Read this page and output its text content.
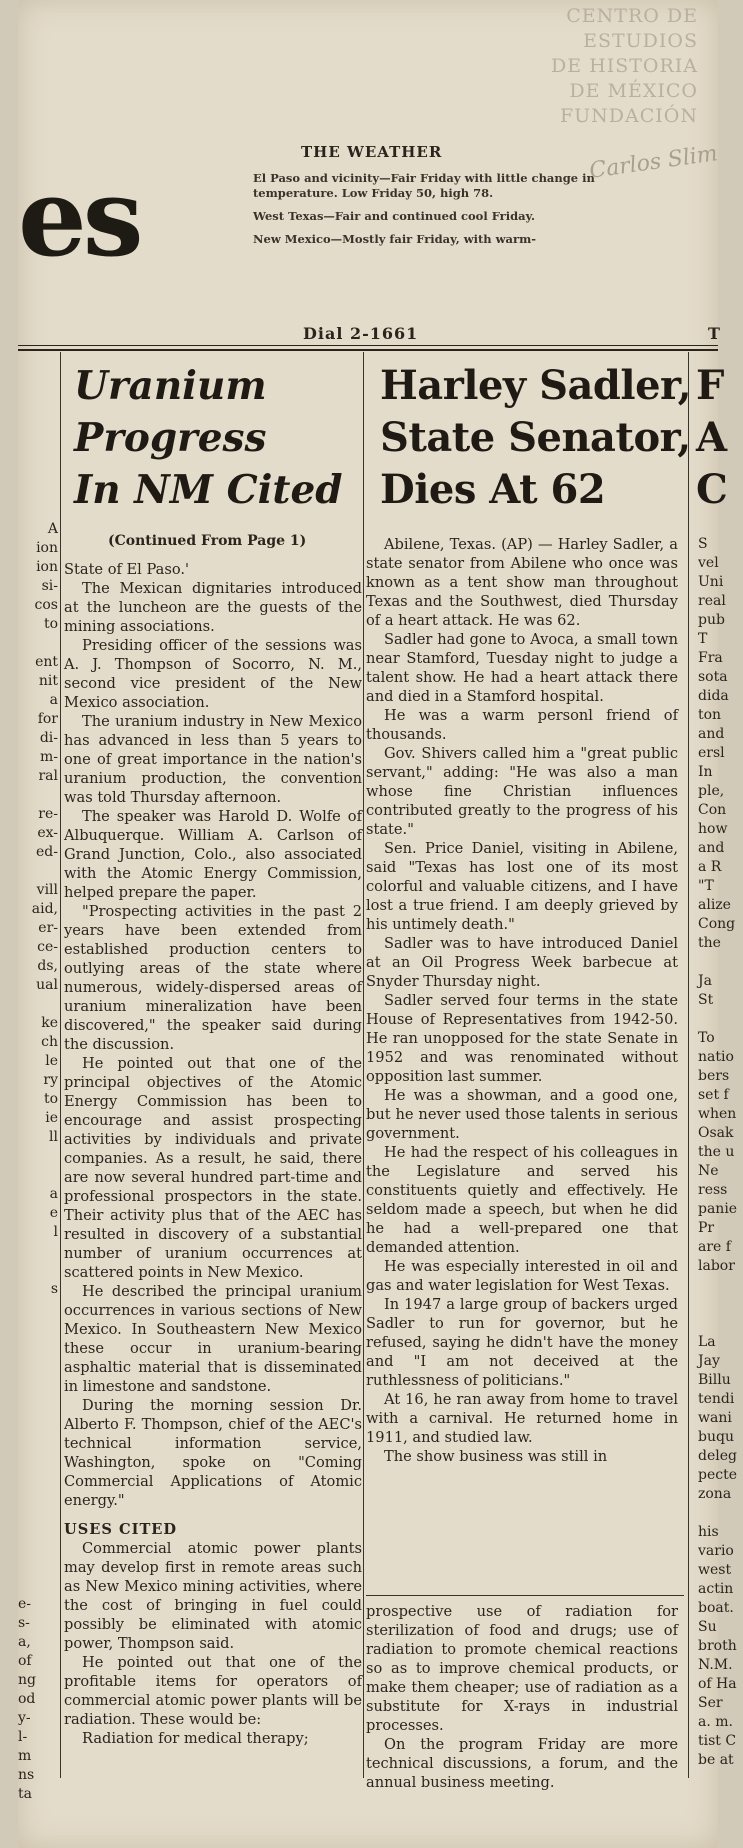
CENTRO DE
ESTUDIOS
DE HISTORIA
DE MÉXICO
FUNDACIÓN
Carlos Slim
es
THE WEATHER

El Paso and vicinity—Fair Friday with little change in temperature. Low Friday 50, high 78.

West Texas—Fair and continued cool Friday.

New Mexico—Mostly fair Friday, with warm-

Dial 2-1661	T
A
ion
ion
si-
cos
to
ent
nit
a
for
di-
m-
ral
re-
ex-
ed-
vill
aid,
er-
ce-
ds,
ual
ke
ch
le
ry
to
ie
ll
a
e
l
s
e-
s-
a,
of
ng
od
y-
l-
m
ns
ta
Uranium
Progress
In NM Cited
(Continued From Page 1)

State of El Paso.'

The Mexican dignitaries introduced at the luncheon are the guests of the mining associations.

Presiding officer of the sessions was A. J. Thompson of Socorro, N. M., second vice president of the New Mexico association.

The uranium industry in New Mexico has advanced in less than 5 years to one of great importance in the nation's uranium production, the convention was told Thursday afternoon.

The speaker was Harold D. Wolfe of Albuquerque. William A. Carlson of Grand Junction, Colo., also associated with the Atomic Energy Commission, helped prepare the paper.

"Prospecting activities in the past 2 years have been extended from established production centers to outlying areas of the state where numerous, widely-dispersed areas of uranium mineralization have been discovered," the speaker said during the discussion.

He pointed out that one of the principal objectives of the Atomic Energy Commission has been to encourage and assist prospecting activities by individuals and private companies. As a result, he said, there are now several hundred part-time and professional prospectors in the state. Their activity plus that of the AEC has resulted in discovery of a substantial number of uranium occurrences at scattered points in New Mexico.

He described the principal uranium occurrences in various sections of New Mexico. In Southeastern New Mexico these occur in uranium-bearing asphaltic material that is disseminated in limestone and sandstone.

During the morning session Dr. Alberto F. Thompson, chief of the AEC's technical information service, Washington, spoke on "Coming Commercial Applications of Atomic energy."

USES CITED

Commercial atomic power plants may develop first in remote areas such as New Mexico mining activities, where the cost of bringing in fuel could possibly be eliminated with atomic power, Thompson said.

He pointed out that one of the profitable items for operators of commercial atomic power plants will be radiation. These would be:

Radiation for medical therapy;

Harley Sadler,
State Senator,
Dies At 62

Abilene, Texas. (AP) — Harley Sadler, a state senator from Abilene who once was known as a tent show man throughout Texas and the Southwest, died Thursday of a heart attack. He was 62.

Sadler had gone to Avoca, a small town near Stamford, Tuesday night to judge a talent show. He had a heart attack there and died in a Stamford hospital.

He was a warm personl friend of thousands.

Gov. Shivers called him a "great public servant," adding: "He was also a man whose fine Christian influences contributed greatly to the progress of his state."

Sen. Price Daniel, visiting in Abilene, said "Texas has lost one of its most colorful and valuable citizens, and I have lost a true friend. I am deeply grieved by his untimely death."

Sadler was to have introduced Daniel at an Oil Progress Week barbecue at Snyder Thursday night.

Sadler served four terms in the state House of Representatives from 1942-50. He ran unopposed for the state Senate in 1952 and was renominated without opposition last summer.

He was a showman, and a good one, but he never used those talents in serious government.

He had the respect of his colleagues in the Legislature and served his constituents quietly and effectively. He seldom made a speech, but when he did he had a well-prepared one that demanded attention.

He was especially interested in oil and gas and water legislation for West Texas.

In 1947 a large group of backers urged Sadler to run for governor, but he refused, saying he didn't have the money and "I am not deceived at the ruthlessness of politicians."

At 16, he ran away from home to travel with a carnival. He returned home in 1911, and studied law.

The show business was still in

prospective use of radiation for sterilization of food and drugs; use of radiation to promote chemical reactions so as to improve chemical products, or make them cheaper; use of radiation as a substitute for X-rays in industrial processes.

On the program Friday are more technical discussions, a forum, and the annual business meeting.

F
A
C
S
vel
Uni
real
pub
T
Fra
sota
dida
ton
and
ersl
In
ple,
Con
how
and
a R
"T
alize
Cong
the
Ja
St
To
natio
bers
set f
when
Osak
the u
Ne
ress
panie
Pr
are f
labor
La
Jay
Billu
tendi
wani
buqu
deleg
pecte
zona
his
vario
west
actin
boat.
Su
broth
N.M.
of Ha
Ser
a. m.
tist C
be at
